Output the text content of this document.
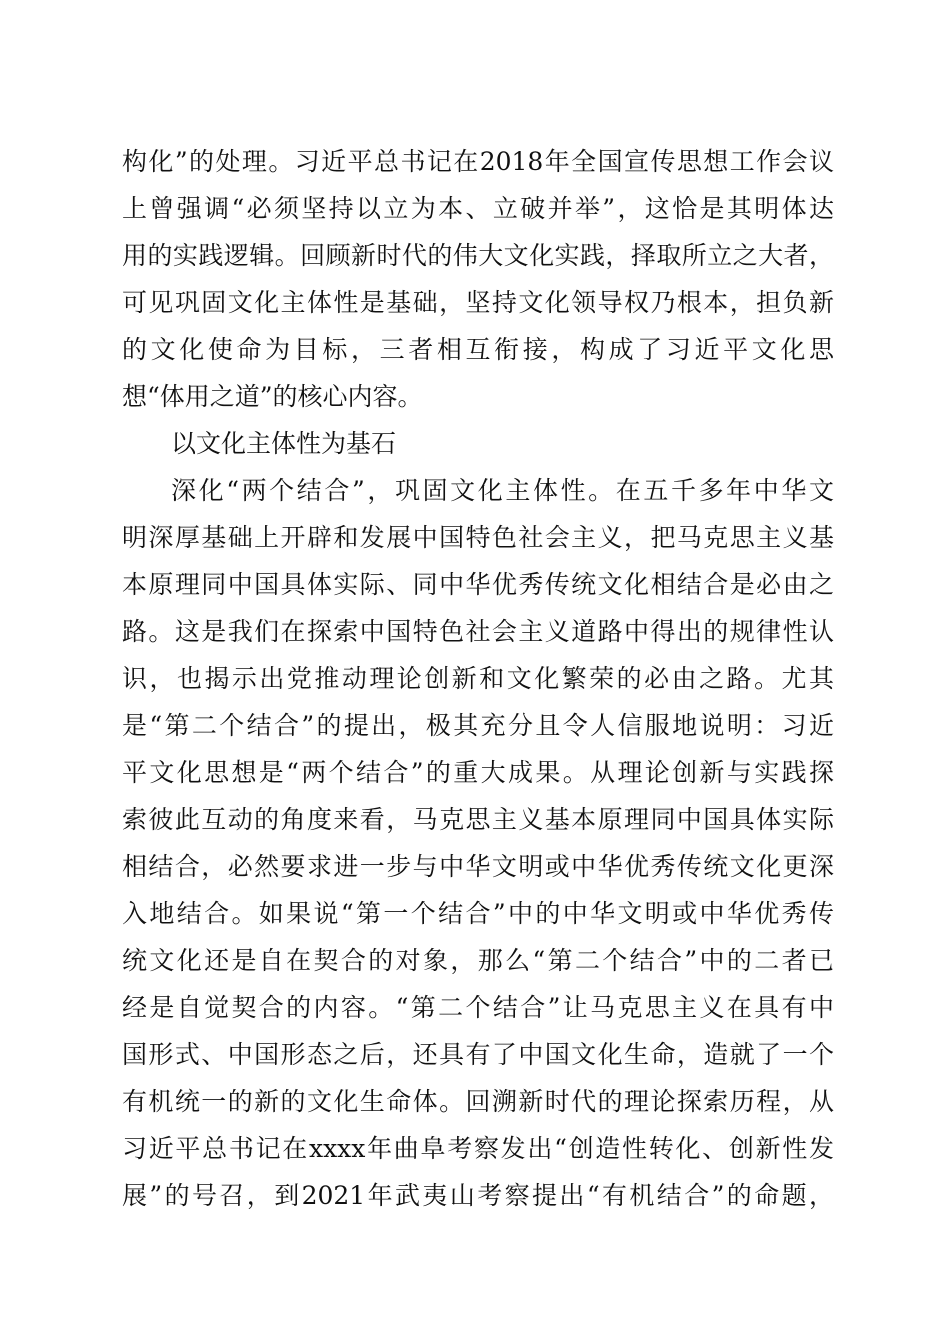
构化”的处理。习近平总书记在2018年全国宣传思想工作会议
上曾强调“必须坚持以立为本、立破并举”，这恰是其明体达
用的实践逻辑。回顾新时代的伟大文化实践，择取所立之大者，
可见巩固文化主体性是基础，坚持文化领导权乃根本，担负新
的文化使命为目标，三者相互衔接，构成了习近平文化思
想“体用之道”的核心内容。
以文化主体性为基石
深化“两个结合”，巩固文化主体性。在五千多年中华文
明深厚基础上开辟和发展中国特色社会主义，把马克思主义基
本原理同中国具体实际、同中华优秀传统文化相结合是必由之
路。这是我们在探索中国特色社会主义道路中得出的规律性认
识，也揭示出党推动理论创新和文化繁荣的必由之路。尤其
是“第二个结合”的提出，极其充分且令人信服地说明：习近
平文化思想是“两个结合”的重大成果。从理论创新与实践探
索彼此互动的角度来看，马克思主义基本原理同中国具体实际
相结合，必然要求进一步与中华文明或中华优秀传统文化更深
入地结合。如果说“第一个结合”中的中华文明或中华优秀传
统文化还是自在契合的对象，那么“第二个结合”中的二者已
经是自觉契合的内容。“第二个结合”让马克思主义在具有中
国形式、中国形态之后，还具有了中国文化生命，造就了一个
有机统一的新的文化生命体。回溯新时代的理论探索历程，从
习近平总书记在xxxx年曲阜考察发出“创造性转化、创新性发
展”的号召，到2021年武夷山考察提出“有机结合”的命题，
